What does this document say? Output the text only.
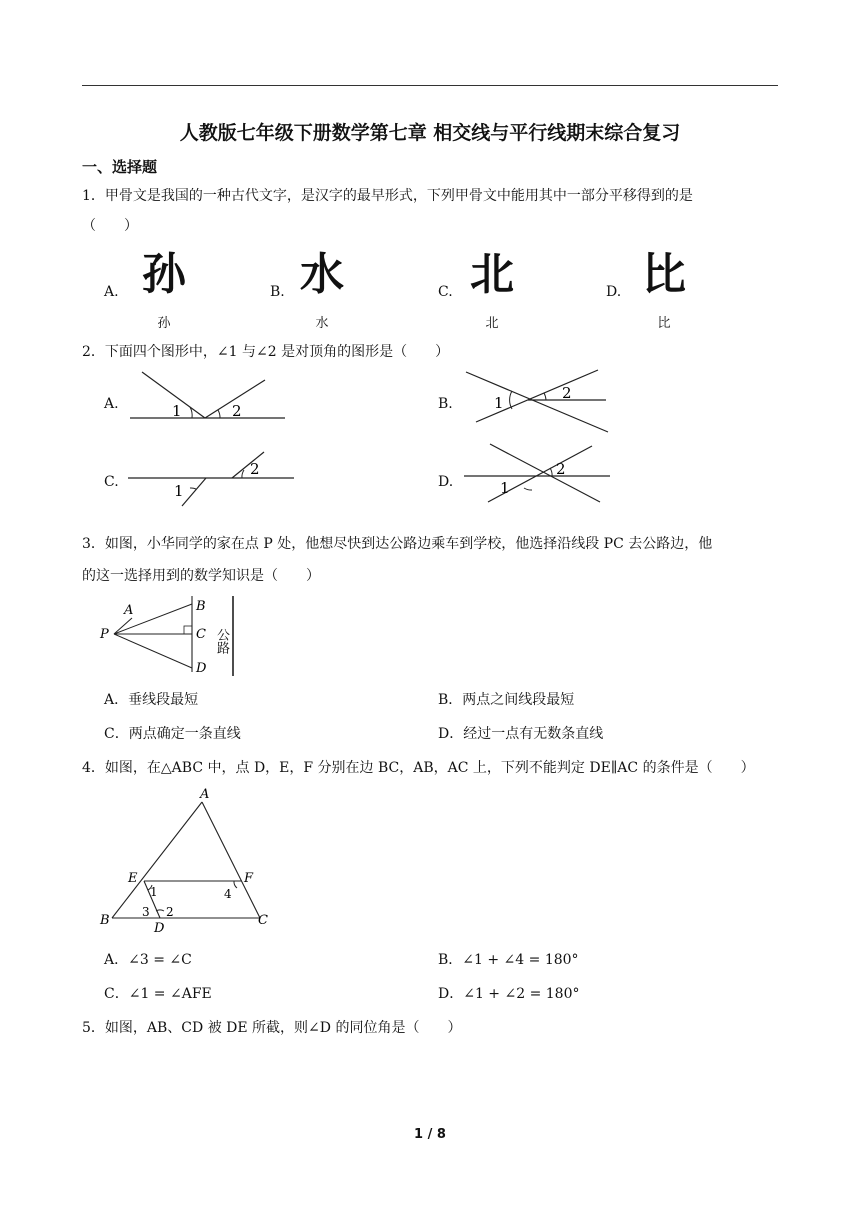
人教版七年级下册数学第七章 相交线与平行线期末综合复习
一、选择题
1．甲骨文是我国的一种古代文字，是汉字的最早形式，下列甲骨文中能用其中一部分平移得到的是
（　　）
A. 孙
孙
B. 水
水
C. 北
北
D. 比
比
2．下面四个图形中，∠1 与∠2 是对顶角的图形是（　　）
A.	1	2	B.	1
2
C.	1
2
D.	1
2
3．如图，小华同学的家在点 P 处，他想尽快到达公路边乘车到学校，他选择沿线段 PC 去公路边，他
的这一选择用到的数学知识是（　　）
A	B
C
D
P	公路
A．垂线段最短	B．两点之间线段最短
C．两点确定一条直线	D．经过一点有无数条直线
4．如图，在△ABC 中，点 D，E，F 分别在边 BC，AB，AC 上，下列不能判定 DE∥AC 的条件是（　　）
A
B	C
D
E	F
1
2
3
4
A．∠3 = ∠C	B．∠1 + ∠4 = 180°
C．∠1 = ∠AFE	D．∠1 + ∠2 = 180°
5．如图，AB、CD 被 DE 所截，则∠D 的同位角是（　　）
1 / 8
